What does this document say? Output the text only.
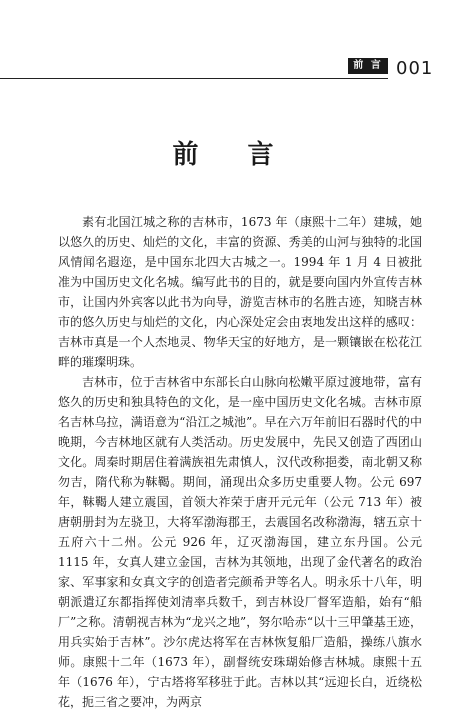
前 言 001
前 言

素有北国江城之称的吉林市，1673 年（康熙十二年）建城，她以悠久的历史、灿烂的文化，丰富的资源、秀美的山河与独特的北国风情闻名遐迩，是中国东北四大古城之一。1994 年 1 月 4 日被批准为中国历史文化名城。编写此书的目的，就是要向国内外宣传吉林市，让国内外宾客以此书为向导，游览吉林市的名胜古迹，知晓吉林市的悠久历史与灿烂的文化，内心深处定会由衷地发出这样的感叹：吉林市真是一个人杰地灵、物华天宝的好地方，是一颗镶嵌在松花江畔的璀璨明珠。

吉林市，位于吉林省中东部长白山脉向松嫩平原过渡地带，富有悠久的历史和独具特色的文化，是一座中国历史文化名城。吉林市原名吉林乌拉，满语意为“沿江之城池”。早在六万年前旧石器时代的中晚期，今吉林地区就有人类活动。历史发展中，先民又创造了西团山文化。周秦时期居住着满族祖先肃慎人，汉代改称挹娄，南北朝又称勿吉，隋代称为靺鞨。期间，涌现出众多历史重要人物。公元 697 年，靺鞨人建立震国，首领大祚荣于唐开元元年（公元 713 年）被唐朝册封为左骁卫，大将军渤海郡王，去震国名改称渤海，辖五京十五府六十二州。公元 926 年，辽灭渤海国，建立东丹国。公元 1115 年，女真人建立金国，吉林为其领地，出现了金代著名的政治家、军事家和女真文字的创造者完颜希尹等名人。明永乐十八年，明朝派遣辽东都指挥使刘清率兵数千，到吉林设厂督军造船，始有“船厂”之称。清朝视吉林为“龙兴之地”，努尔哈赤“以十三甲肇基王迹，用兵实始于吉林”。沙尔虎达将军在吉林恢复船厂造船，操练八旗水师。康熙十二年（1673 年），副督统安珠瑚始修吉林城。康熙十五年（1676 年），宁古塔将军移驻于此。吉林以其“远迎长白，近绕松花，扼三省之要冲，为两京
